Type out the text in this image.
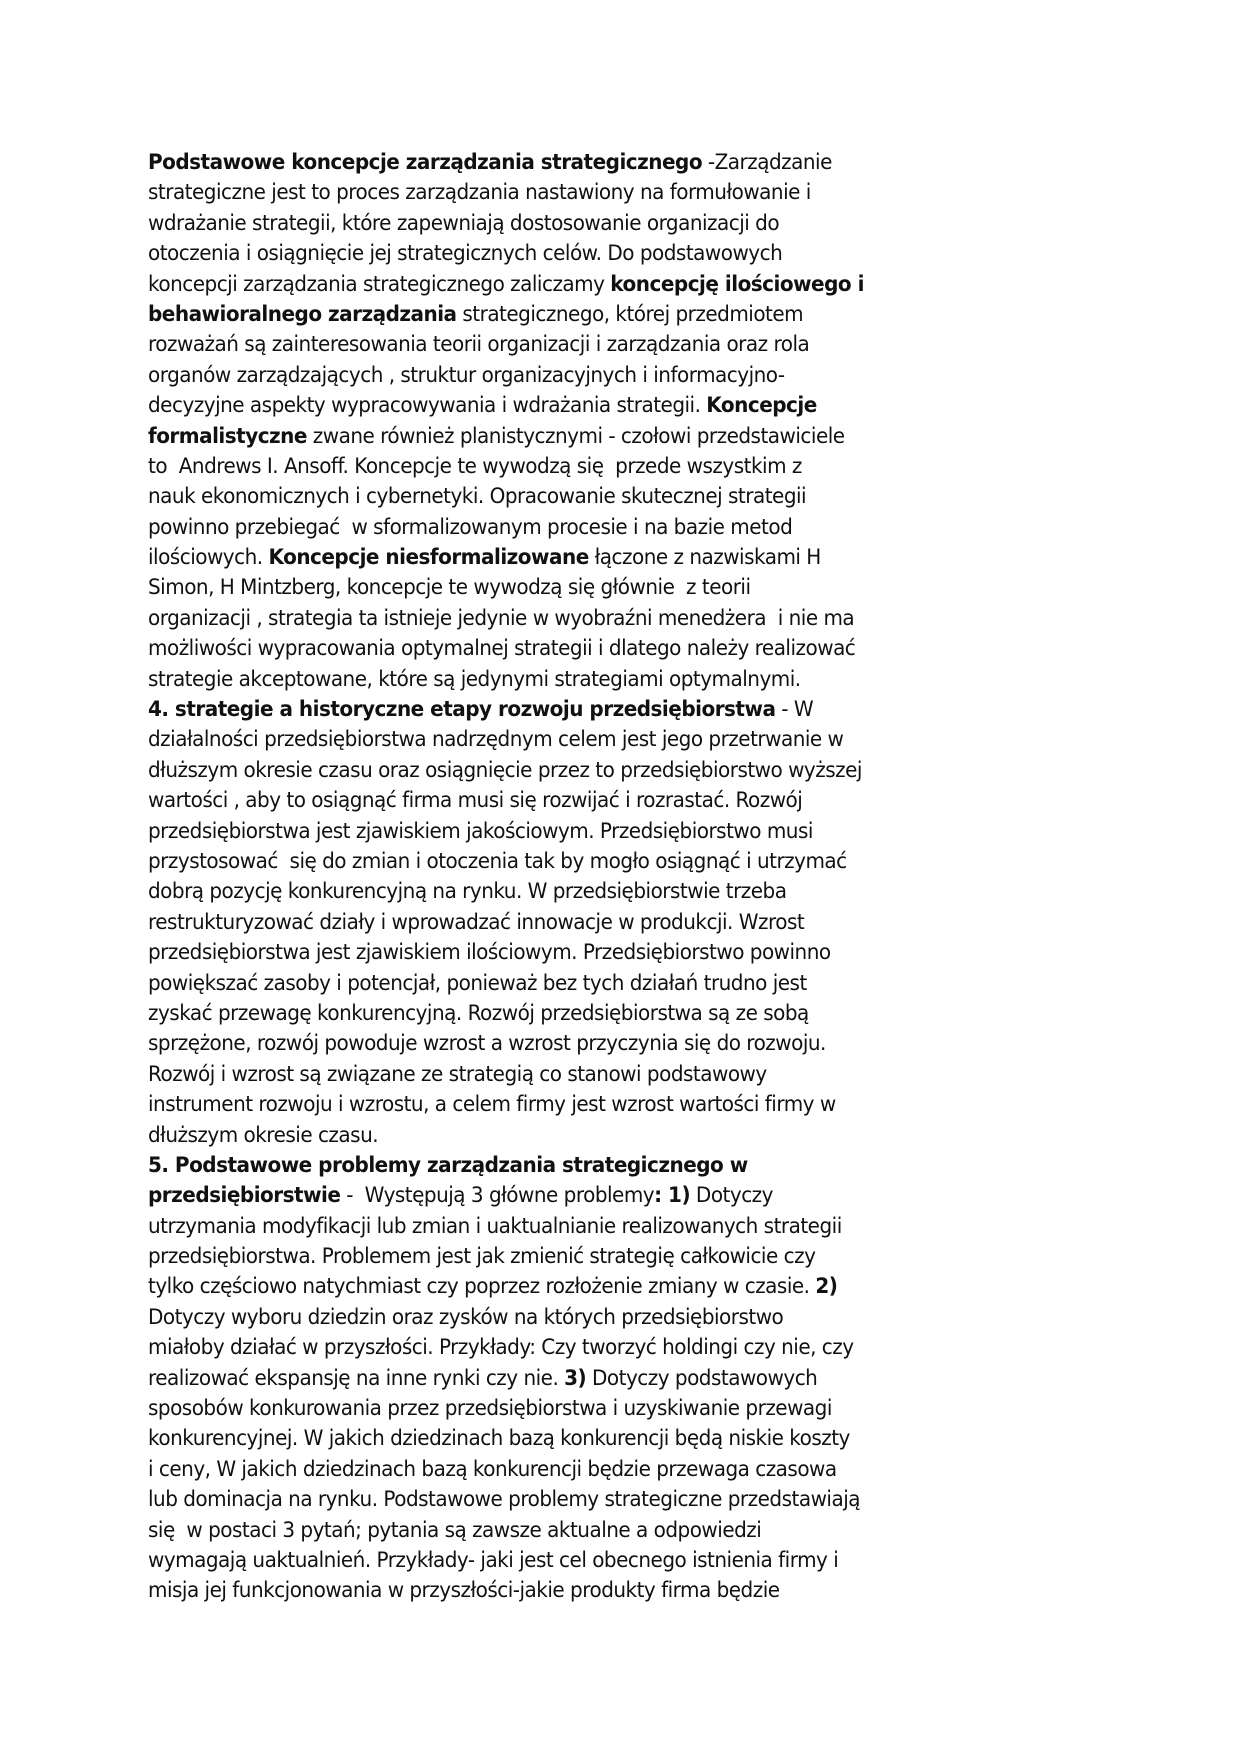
Podstawowe koncepcje zarządzania strategicznego -Zarządzanie
strategiczne jest to proces zarządzania nastawiony na formułowanie i
wdrażanie strategii, które zapewniają dostosowanie organizacji do
otoczenia i osiągnięcie jej strategicznych celów. Do podstawowych
koncepcji zarządzania strategicznego zaliczamy koncepcję ilościowego i
behawioralnego zarządzania strategicznego, której przedmiotem
rozważań są zainteresowania teorii organizacji i zarządzania oraz rola
organów zarządzających , struktur organizacyjnych i informacyjno-
decyzyjne aspekty wypracowywania i wdrażania strategii. Koncepcje
formalistyczne zwane również planistycznymi - czołowi przedstawiciele
to  Andrews I. Ansoff. Koncepcje te wywodzą się  przede wszystkim z
nauk ekonomicznych i cybernetyki. Opracowanie skutecznej strategii
powinno przebiegać  w sformalizowanym procesie i na bazie metod
ilościowych. Koncepcje niesformalizowane łączone z nazwiskami H
Simon, H Mintzberg, koncepcje te wywodzą się głównie  z teorii
organizacji , strategia ta istnieje jedynie w wyobraźni menedżera  i nie ma
możliwości wypracowania optymalnej strategii i dlatego należy realizować
strategie akceptowane, które są jedynymi strategiami optymalnymi.
4. strategie a historyczne etapy rozwoju przedsiębiorstwa - W
działalności przedsiębiorstwa nadrzędnym celem jest jego przetrwanie w
dłuższym okresie czasu oraz osiągnięcie przez to przedsiębiorstwo wyższej
wartości , aby to osiągnąć firma musi się rozwijać i rozrastać. Rozwój
przedsiębiorstwa jest zjawiskiem jakościowym. Przedsiębiorstwo musi
przystosować  się do zmian i otoczenia tak by mogło osiągnąć i utrzymać
dobrą pozycję konkurencyjną na rynku. W przedsiębiorstwie trzeba
restrukturyzować działy i wprowadzać innowacje w produkcji. Wzrost
przedsiębiorstwa jest zjawiskiem ilościowym. Przedsiębiorstwo powinno
powiększać zasoby i potencjał, ponieważ bez tych działań trudno jest
zyskać przewagę konkurencyjną. Rozwój przedsiębiorstwa są ze sobą
sprzężone, rozwój powoduje wzrost a wzrost przyczynia się do rozwoju.
Rozwój i wzrost są związane ze strategią co stanowi podstawowy
instrument rozwoju i wzrostu, a celem firmy jest wzrost wartości firmy w
dłuższym okresie czasu.
5. Podstawowe problemy zarządzania strategicznego w
przedsiębiorstwie -  Występują 3 główne problemy: 1) Dotyczy
utrzymania modyfikacji lub zmian i uaktualnianie realizowanych strategii
przedsiębiorstwa. Problemem jest jak zmienić strategię całkowicie czy
tylko częściowo natychmiast czy poprzez rozłożenie zmiany w czasie. 2)
Dotyczy wyboru dziedzin oraz zysków na których przedsiębiorstwo
miałoby działać w przyszłości. Przykłady: Czy tworzyć holdingi czy nie, czy
realizować ekspansję na inne rynki czy nie. 3) Dotyczy podstawowych
sposobów konkurowania przez przedsiębiorstwa i uzyskiwanie przewagi
konkurencyjnej. W jakich dziedzinach bazą konkurencji będą niskie koszty
i ceny, W jakich dziedzinach bazą konkurencji będzie przewaga czasowa
lub dominacja na rynku. Podstawowe problemy strategiczne przedstawiają
się  w postaci 3 pytań; pytania są zawsze aktualne a odpowiedzi
wymagają uaktualnień. Przykłady- jaki jest cel obecnego istnienia firmy i
misja jej funkcjonowania w przyszłości-jakie produkty firma będzie
